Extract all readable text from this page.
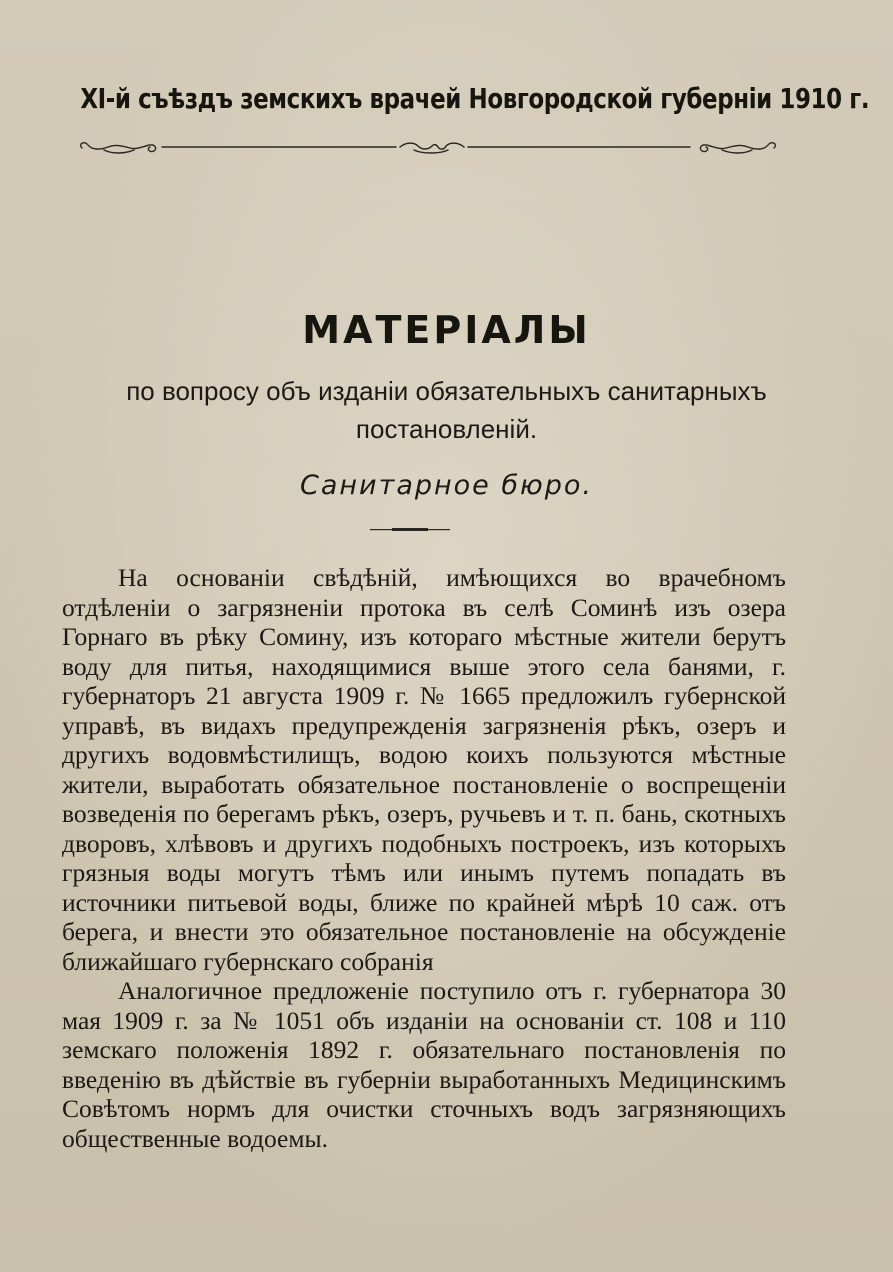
XI-й съѣздъ земскихъ врачей Новгородской губерніи 1910 г.
МАТЕРІАЛЫ
по вопросу объ изданіи обязательныхъ санитарныхъ
постановленій.
Санитарное бюро.

На основаніи свѣдѣній, имѣющихся во врачебномъ отдѣленіи о загрязненіи протока въ селѣ Соминѣ изъ озера Горнаго въ рѣку Сомину, изъ котораго мѣстные жители берутъ воду для питья, находящимися выше этого села банями, г. губернаторъ 21 августа 1909 г. № 1665 предложилъ губернской управѣ, въ видахъ предупрежденія загрязненія рѣкъ, озеръ и другихъ водовмѣстилищъ, водою коихъ пользуются мѣстные жители, выработать обязательное постановленіе о воспрещеніи возведенія по берегамъ рѣкъ, озеръ, ручьевъ и т. п. бань, скотныхъ дворовъ, хлѣвовъ и другихъ подобныхъ построекъ, изъ которыхъ грязныя воды могутъ тѣмъ или инымъ путемъ попадать въ источники питьевой воды, ближе по крайней мѣрѣ 10 саж. отъ берега, и внести это обязательное постановленіе на обсужденіе ближайшаго губернскаго собранія

Аналогичное предложеніе поступило отъ г. губернатора 30 мая 1909 г. за № 1051 объ изданіи на основаніи ст. 108 и 110 земскаго положенія 1892 г. обязательнаго постановленія по введенію въ дѣйствіе въ губерніи выработанныхъ Медицинскимъ Совѣтомъ нормъ для очистки сточныхъ водъ загрязняющихъ общественные водоемы.
